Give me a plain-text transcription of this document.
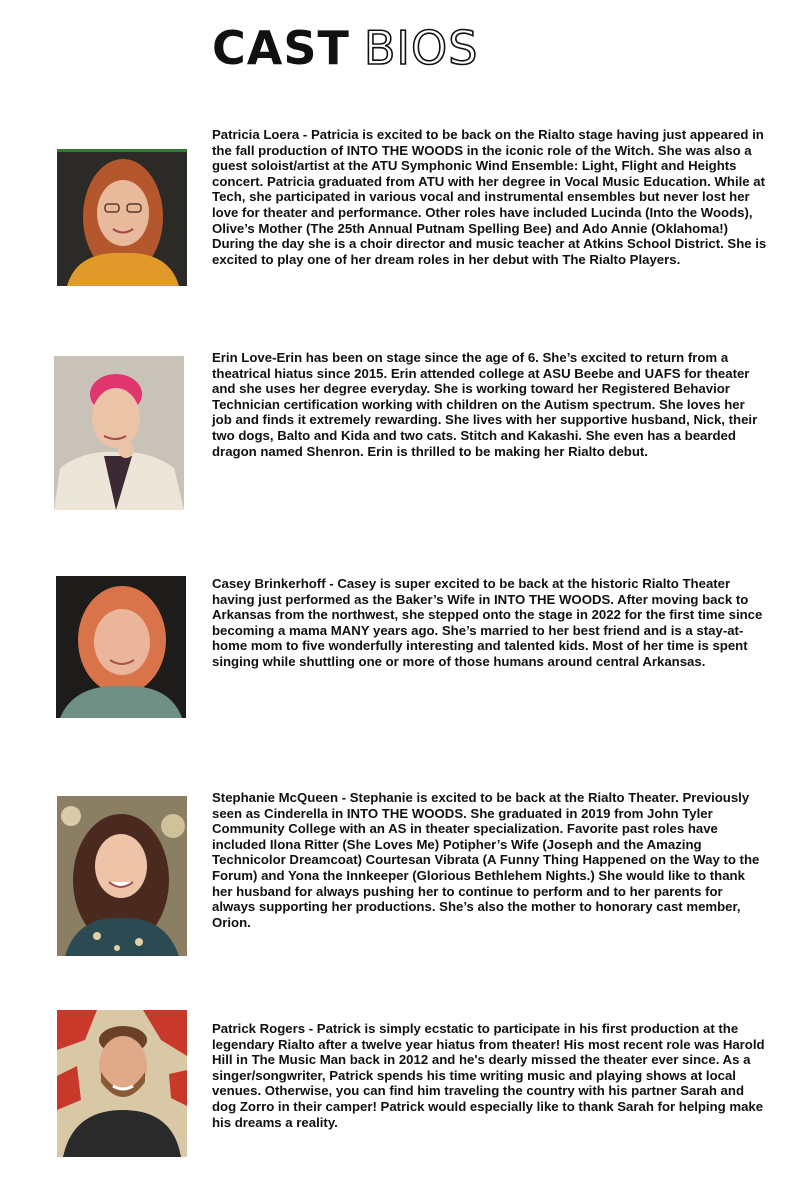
CAST BIOS

Patricia Loera - Patricia is excited to be back on the Rialto stage having just appeared in the fall production of INTO THE WOODS in the iconic role of the Witch. She was also a guest soloist/artist at the ATU Symphonic Wind Ensemble: Light, Flight and Heights concert. Patricia graduated from ATU with her degree in Vocal Music Education. While at Tech, she participated in various vocal and instrumental ensembles but never lost her love for theater and performance. Other roles have included Lucinda (Into the Woods), Olive’s Mother (The 25th Annual Putnam Spelling Bee) and Ado Annie (Oklahoma!) During the day she is a choir director and music teacher at Atkins School District. She is excited to play one of her dream roles in her debut with The Rialto Players.

Erin Love-Erin has been on stage since the age of 6. She’s excited to return from a theatrical hiatus since 2015. Erin attended college at ASU Beebe and UAFS for theater and she uses her degree everyday. She is working toward her Registered Behavior Technician certification working with children on the Autism spectrum. She loves her job and finds it extremely rewarding. She lives with her supportive husband, Nick, their two dogs, Balto and Kida and two cats. Stitch and Kakashi. She even has a bearded dragon named Shenron. Erin is thrilled to be making her Rialto debut.

Casey Brinkerhoff - Casey is super excited to be back at the historic Rialto Theater having just performed as the Baker’s Wife in INTO THE WOODS. After moving back to Arkansas from the northwest, she stepped onto the stage in 2022 for the first time since becoming a mama MANY years ago. She’s married to her best friend and is a stay-at-home mom to five wonderfully interesting and talented kids. Most of her time is spent singing while shuttling one or more of those humans around central Arkansas.

Stephanie McQueen - Stephanie is excited to be back at the Rialto Theater. Previously seen as Cinderella in INTO THE WOODS. She graduated in 2019 from John Tyler Community College with an AS in theater specialization. Favorite past roles have included Ilona Ritter (She Loves Me) Potipher’s Wife (Joseph and the Amazing Technicolor Dreamcoat) Courtesan Vibrata (A Funny Thing Happened on the Way to the Forum) and Yona the Innkeeper (Glorious Bethlehem Nights.) She would like to thank her husband for always pushing her to continue to perform and to her parents for always supporting her productions. She’s also the mother to honorary cast member, Orion.

Patrick Rogers - Patrick is simply ecstatic to participate in his first production at the legendary Rialto after a twelve year hiatus from theater! His most recent role was Harold Hill in The Music Man back in 2012 and he's dearly missed the theater ever since. As a singer/songwriter, Patrick spends his time writing music and playing shows at local venues. Otherwise, you can find him traveling the country with his partner Sarah and dog Zorro in their camper! Patrick would especially like to thank Sarah for helping make his dreams a reality.
